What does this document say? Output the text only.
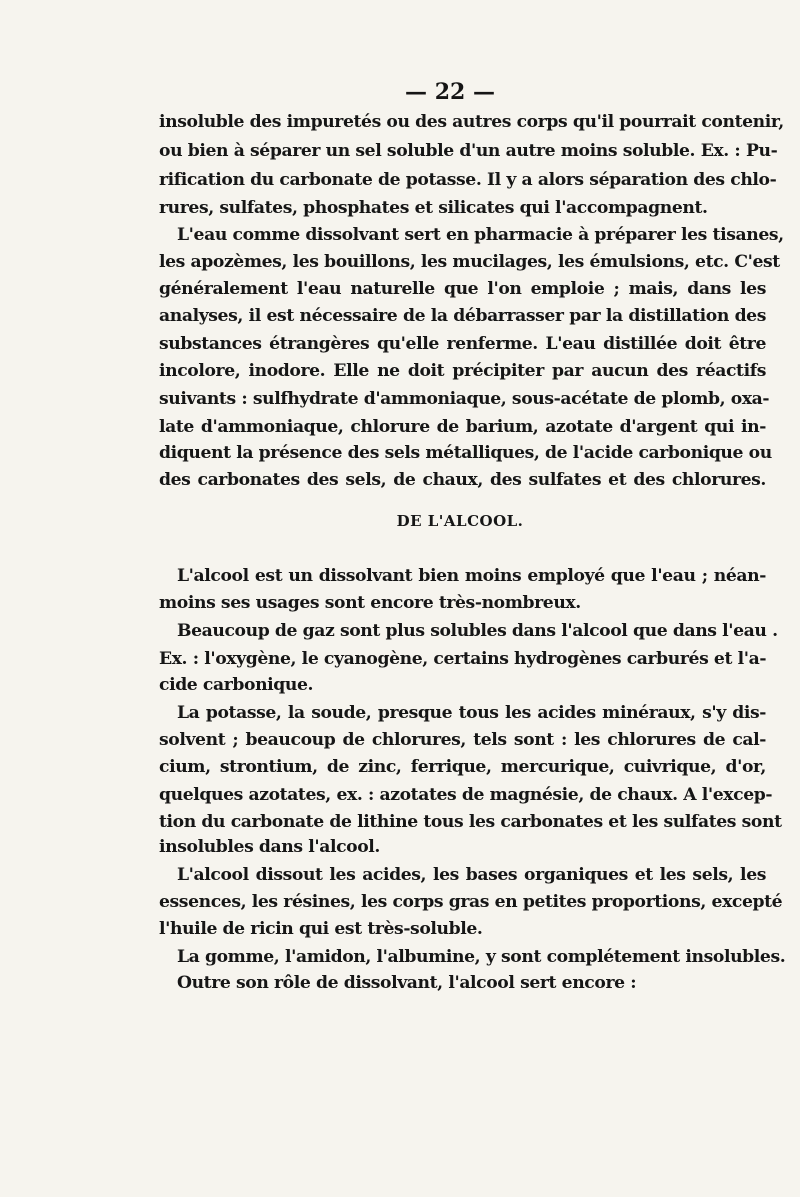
— 22 —
insoluble des impuretés ou des autres corps qu'il pourrait contenir,
ou bien à séparer un sel soluble d'un autre moins soluble. Ex. : Pu-
rification du carbonate de potasse. Il y a alors séparation des chlo-
rures, sulfates, phosphates et silicates qui l'accompagnent.
L'eau comme dissolvant sert en pharmacie à préparer les tisanes,
les apozèmes, les bouillons, les mucilages, les émulsions, etc. C'est
généralement l'eau naturelle que l'on emploie ; mais, dans les
analyses, il est nécessaire de la débarrasser par la distillation des
substances étrangères qu'elle renferme. L'eau distillée doit être
incolore, inodore. Elle ne doit précipiter par aucun des réactifs
suivants : sulfhydrate d'ammoniaque, sous-acétate de plomb, oxa-
late d'ammoniaque, chlorure de barium, azotate d'argent qui in-
diquent la présence des sels métalliques, de l'acide carbonique ou
des carbonates des sels, de chaux, des sulfates et des chlorures.
DE L'ALCOOL.
L'alcool est un dissolvant bien moins employé que l'eau ; néan-
moins ses usages sont encore très-nombreux.
Beaucoup de gaz sont plus solubles dans l'alcool que dans l'eau .
Ex. : l'oxygène, le cyanogène, certains hydrogènes carburés et l'a-
cide carbonique.
La potasse, la soude, presque tous les acides minéraux, s'y dis-
solvent ; beaucoup de chlorures, tels sont : les chlorures de cal-
cium, strontium, de zinc, ferrique, mercurique, cuivrique, d'or,
quelques azotates, ex. : azotates de magnésie, de chaux. A l'excep-
tion du carbonate de lithine tous les carbonates et les sulfates sont
insolubles dans l'alcool.
L'alcool dissout les acides, les bases organiques et les sels, les
essences, les résines, les corps gras en petites proportions, excepté
l'huile de ricin qui est très-soluble.
La gomme, l'amidon, l'albumine, y sont complétement insolubles.
Outre son rôle de dissolvant, l'alcool sert encore :
